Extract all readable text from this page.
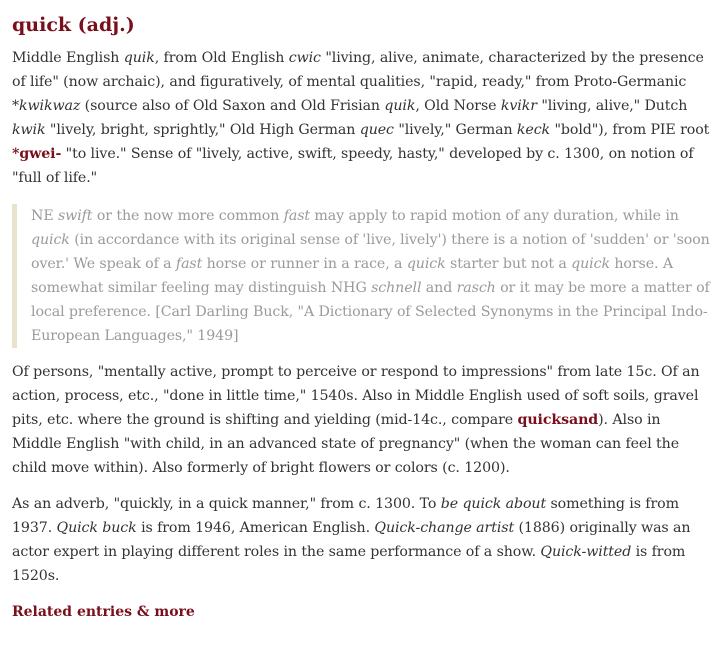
quick (adj.)

Middle English quik, from Old English cwic "living, alive, animate, characterized by the presence of life" (now archaic), and figuratively, of mental qualities, "rapid, ready," from Proto-Germanic *kwikwaz (source also of Old Saxon and Old Frisian quik, Old Norse kvikr "living, alive," Dutch kwik "lively, bright, sprightly," Old High German quec "lively," German keck "bold"), from PIE root *gwei- "to live." Sense of "lively, active, swift, speedy, hasty," developed by c. 1300, on notion of "full of life."

NE swift or the now more common fast may apply to rapid motion of any duration, while in quick (in accordance with its original sense of 'live, lively') there is a notion of 'sudden' or 'soon over.' We speak of a fast horse or runner in a race, a quick starter but not a quick horse. A somewhat similar feeling may distinguish NHG schnell and rasch or it may be more a matter of local preference. [Carl Darling Buck, "A Dictionary of Selected Synonyms in the Principal Indo-European Languages," 1949]

Of persons, "mentally active, prompt to perceive or respond to impressions" from late 15c. Of an action, process, etc., "done in little time," 1540s. Also in Middle English used of soft soils, gravel pits, etc. where the ground is shifting and yielding (mid-14c., compare quicksand). Also in Middle English "with child, in an advanced state of pregnancy" (when the woman can feel the child move within). Also formerly of bright flowers or colors (c. 1200).

As an adverb, "quickly, in a quick manner," from c. 1300. To be quick about something is from 1937. Quick buck is from 1946, American English. Quick-change artist (1886) originally was an actor expert in playing different roles in the same performance of a show. Quick-witted is from 1520s.

Related entries & more
